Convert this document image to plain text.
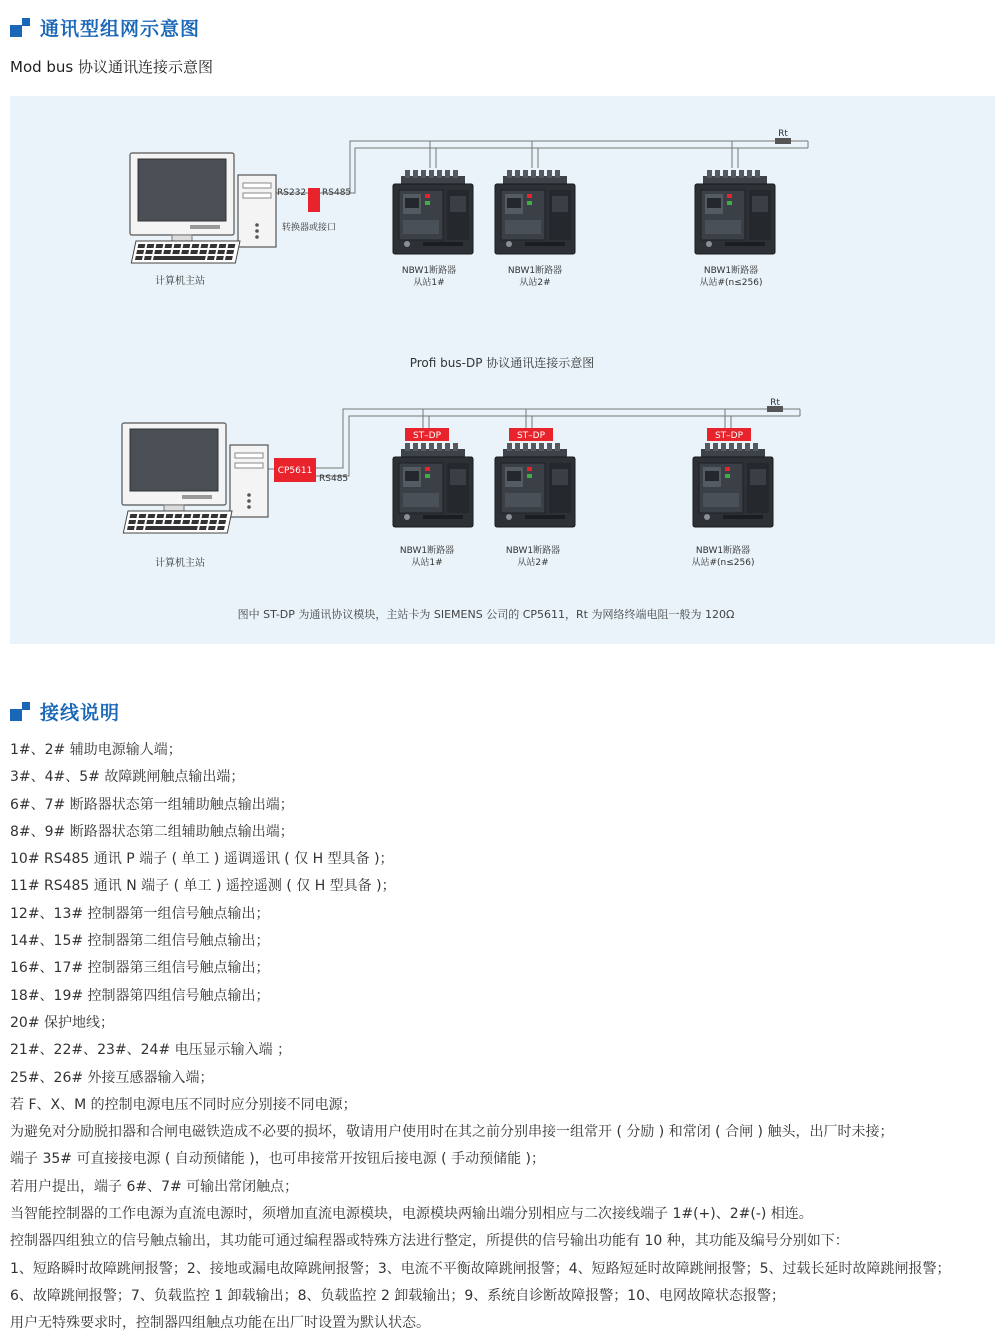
通讯型组网示意图
Mod bus 协议通讯连接示意图
Rt
计算机主站
RS232 RS485
转换器或接口
NBW1断路器
从站1#
NBW1断路器
从站2#
NBW1断路器
从站#(n≤256)
Profi bus-DP 协议通讯连接示意图
Rt
计算机主站
CP5611
RS485
ST–DP	ST–DP	ST–DP
NBW1断路器
从站1#
NBW1断路器
从站2#
NBW1断路器
从站#(n≤256)
图中 ST-DP 为通讯协议模块，主站卡为 SIEMENS 公司的 CP5611，Rt 为网络终端电阻一般为 120Ω
接线说明

1#、2# 辅助电源输人端；

3#、4#、5# 故障跳闸触点输出端；

6#、7# 断路器状态第一组辅助触点输出端；

8#、9# 断路器状态第二组辅助触点输出端；

10# RS485 通讯 P 端子 ( 单工 ) 遥调遥讯 ( 仅 H 型具备 )；

11# RS485 通讯 N 端子 ( 单工 ) 遥控遥测 ( 仅 H 型具备 )；

12#、13# 控制器第一组信号触点输出；

14#、15# 控制器第二组信号触点输出；

16#、17# 控制器第三组信号触点输出；

18#、19# 控制器第四组信号触点输出；

20# 保护地线；

21#、22#、23#、24# 电压显示输入端 ；

25#、26# 外接互感器输入端；

若 F、X、M 的控制电源电压不同时应分别接不同电源；

为避免对分励脱扣器和合闸电磁铁造成不必要的损坏，敬请用户使用时在其之前分别串接一组常开 ( 分励 ) 和常闭 ( 合闸 ) 触头，出厂时未接；

端子 35# 可直接接电源 ( 自动预储能 )，也可串接常开按钮后接电源 ( 手动预储能 )；

若用户提出，端子 6#、7# 可输出常闭触点；

当智能控制器的工作电源为直流电源时，须增加直流电源模块，电源模块两输出端分别相应与二次接线端子 1#(+)、2#(-) 相连。

控制器四组独立的信号触点输出，其功能可通过编程器或特殊方法进行整定，所提供的信号输出功能有 10 种，其功能及编号分别如下：

1、短路瞬时故障跳闸报警；2、接地或漏电故障跳闸报警；3、电流不平衡故障跳闸报警；4、短路短延时故障跳闸报警；5、过载长延时故障跳闸报警；

6、故障跳闸报警；7、负载监控 1 卸载输出；8、负载监控 2 卸载输出；9、系统自诊断故障报警；10、电网故障状态报警；

用户无特殊要求时，控制器四组触点功能在出厂时设置为默认状态。
